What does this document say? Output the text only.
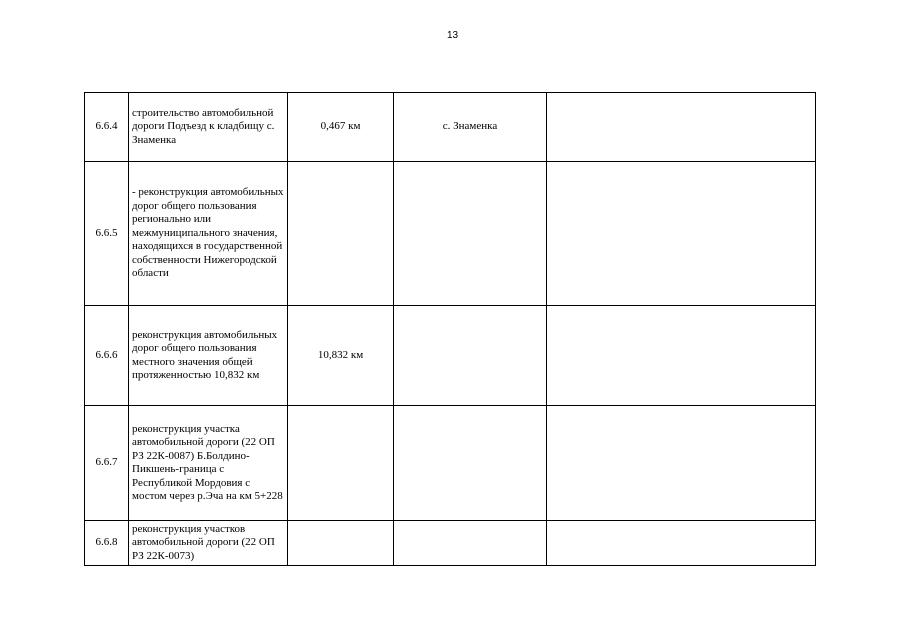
13
6.6.4	строительство автомобильной дороги Подъезд к кладбищу с. Знаменка	0,467 км	с. Знаменка	
6.6.5	- реконструкция автомобильных дорог общего пользования регионально или межмуниципального значения, находящихся в государственной собственности Нижегородской области			
6.6.6	реконструкция автомобильных дорог общего пользования местного значения общей протяженностью 10,832 км	10,832 км		
6.6.7	реконструкция участка автомобильной дороги (22 ОП РЗ 22К-0087) Б.Болдино-Пикшень-граница с Республикой Мордовия с мостом через р.Эча на км 5+228			
6.6.8	реконструкция участков автомобильной дороги (22 ОП РЗ 22К-0073)			
